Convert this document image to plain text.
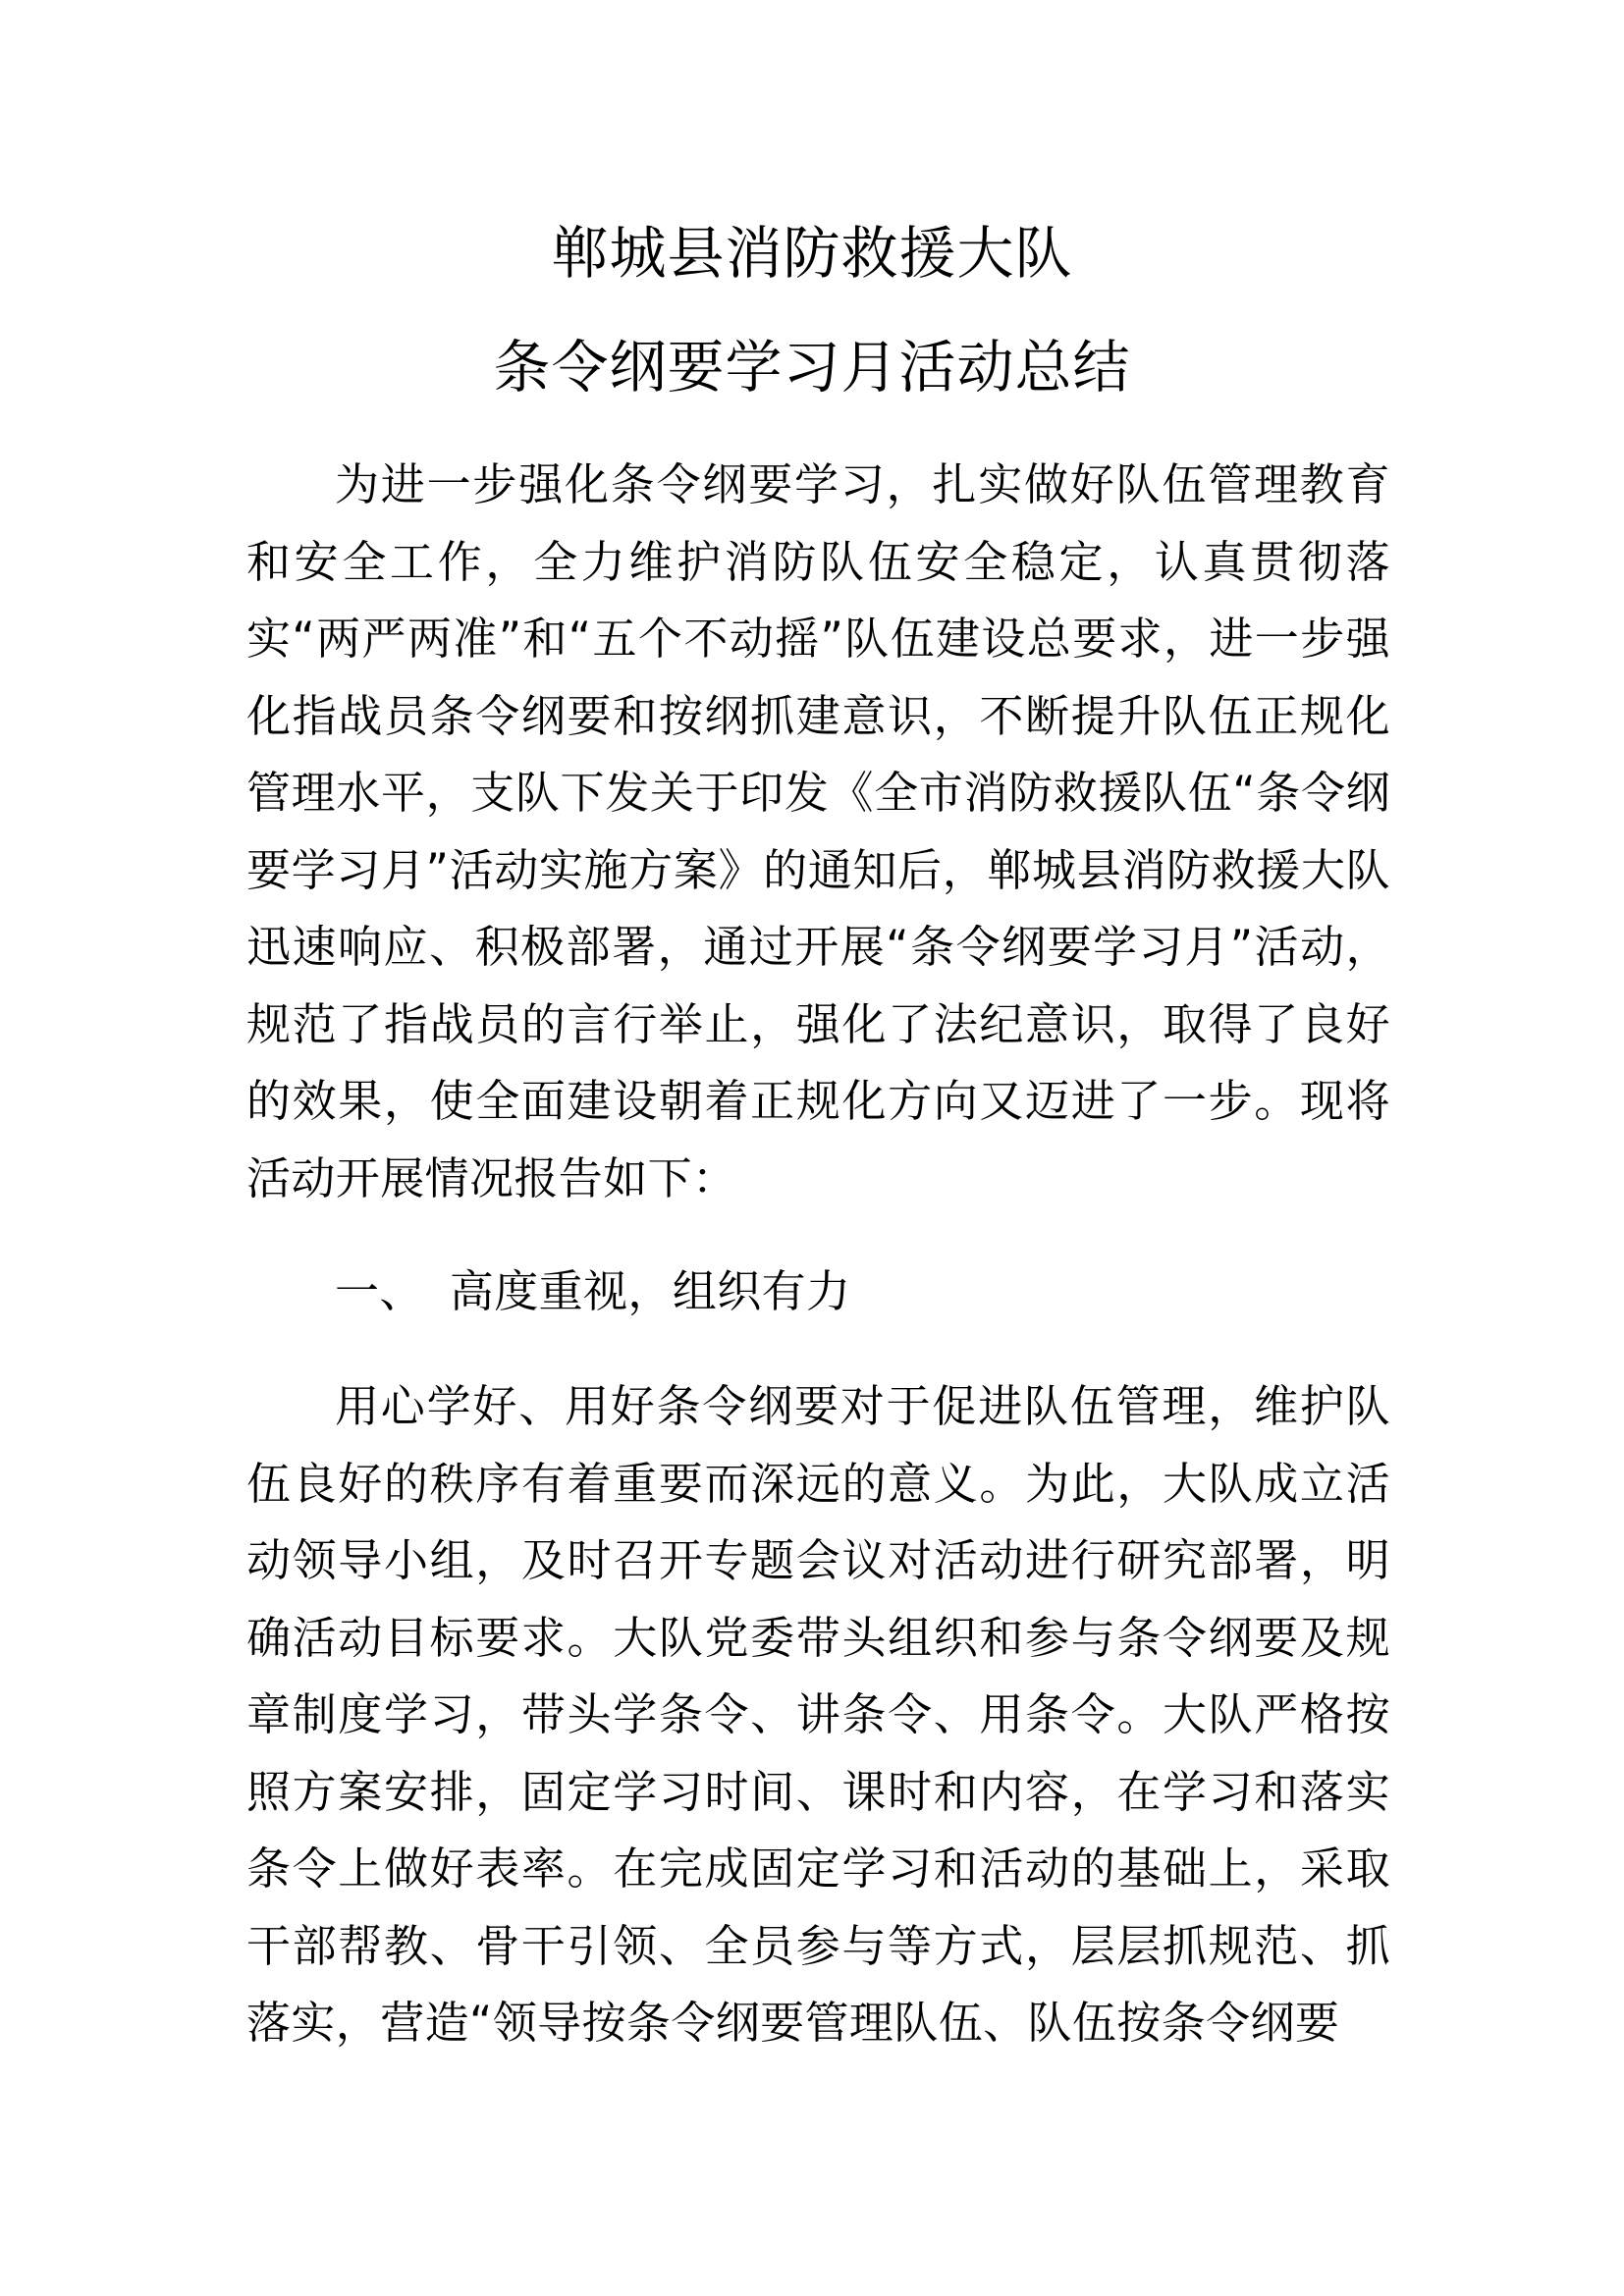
郸城县消防救援大队
条令纲要学习月活动总结

为进一步强化条令纲要学习，扎实做好队伍管理教育和安全工作，全力维护消防队伍安全稳定，认真贯彻落实“两严两准”和“五个不动摇”队伍建设总要求，进一步强化指战员条令纲要和按纲抓建意识，不断提升队伍正规化管理水平，支队下发关于印发《全市消防救援队伍“条令纲要学习月”活动实施方案》的通知后，郸城县消防救援大队迅速响应、积极部署，通过开展“条令纲要学习月”活动，规范了指战员的言行举止，强化了法纪意识，取得了良好的效果，使全面建设朝着正规化方向又迈进了一步。现将活动开展情况报告如下：

一、 高度重视，组织有力

用心学好、用好条令纲要对于促进队伍管理，维护队伍良好的秩序有着重要而深远的意义。为此，大队成立活动领导小组，及时召开专题会议对活动进行研究部署，明确活动目标要求。大队党委带头组织和参与条令纲要及规章制度学习，带头学条令、讲条令、用条令。大队严格按照方案安排，固定学习时间、课时和内容，在学习和落实条令上做好表率。在完成固定学习和活动的基础上，采取干部帮教、骨干引领、全员参与等方式，层层抓规范、抓落实，营造“领导按条令纲要管理队伍、队伍按条令纲要
